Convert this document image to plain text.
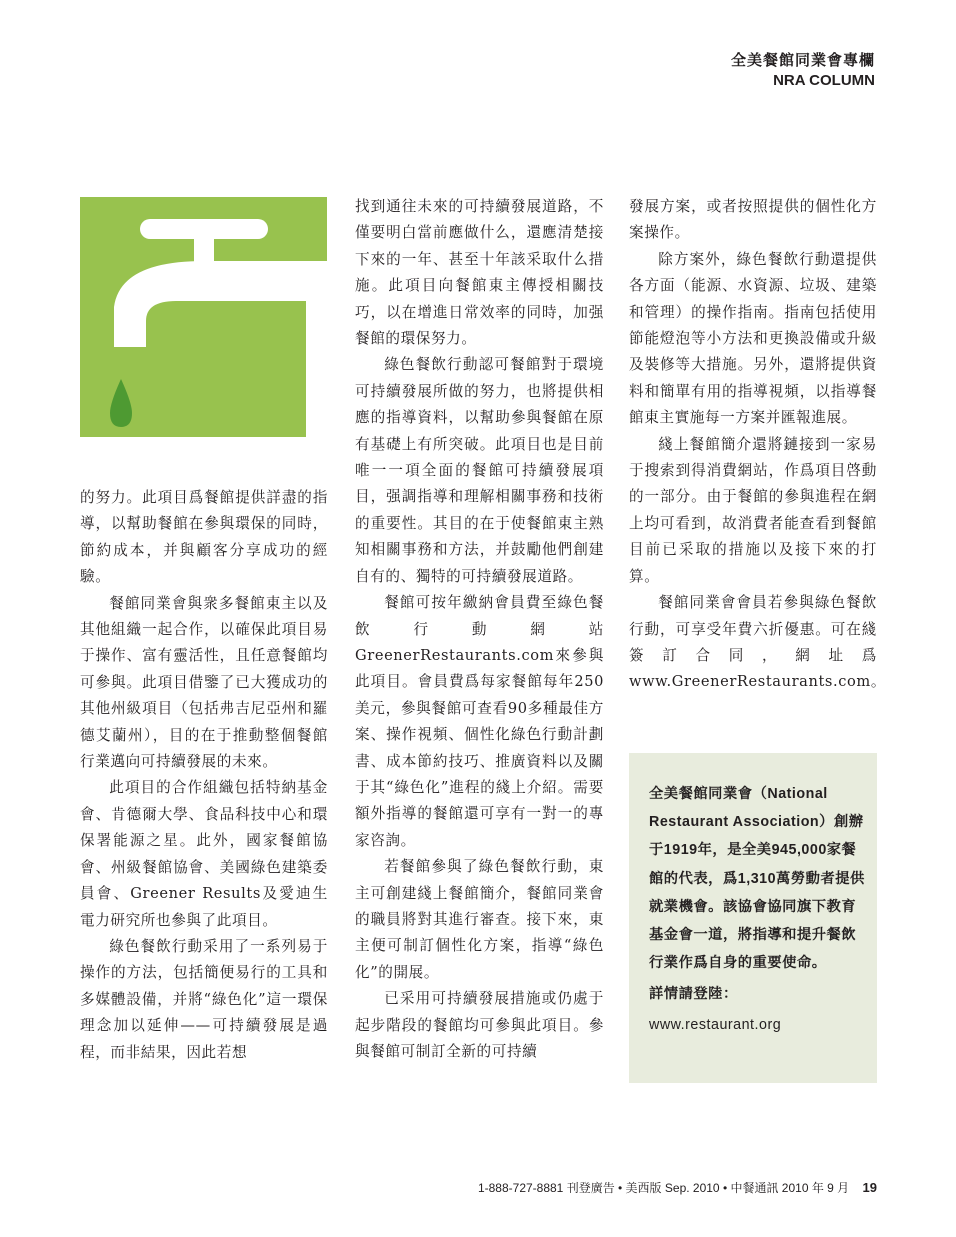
全美餐館同業會專欄
NRA COLUMN

的努力。此項目爲餐館提供詳盡的指導，以幫助餐館在參與環保的同時，節約成本，并與顧客分享成功的經驗。

餐館同業會與衆多餐館東主以及其他組織一起合作，以確保此項目易于操作、富有靈活性，且任意餐館均可參與。此項目借鑒了已大獲成功的其他州級項目（包括弗吉尼亞州和羅德艾蘭州），目的在于推動整個餐館行業邁向可持續發展的未來。

此項目的合作組織包括特納基金會、肯德爾大學、食品科技中心和環保署能源之星。此外，國家餐館協會、州級餐館協會、美國綠色建築委員會、Greener Results及愛迪生電力研究所也參與了此項目。

綠色餐飲行動采用了一系列易于操作的方法，包括簡便易行的工具和多媒體設備，并將“綠色化”這一環保理念加以延伸——可持續發展是過程，而非結果，因此若想

找到通往未來的可持續發展道路，不僅要明白當前應做什么，還應清楚接下來的一年、甚至十年該采取什么措施。此項目向餐館東主傳授相關技巧，以在增進日常效率的同時，加强餐館的環保努力。

綠色餐飲行動認可餐館對于環境可持續發展所做的努力，也將提供相應的指導資料，以幫助參與餐館在原有基礎上有所突破。此項目也是目前唯一一項全面的餐館可持續發展項目，强調指導和理解相關事務和技術的重要性。其目的在于使餐館東主熟知相關事務和方法，并鼓勵他們創建自有的、獨特的可持續發展道路。

餐館可按年繳納會員費至綠色餐飲行動網站GreenerRestaurants.com來參與此項目。會員費爲每家餐館每年250美元，參與餐館可查看90多種最佳方案、操作視頻、個性化綠色行動計劃書、成本節約技巧、推廣資料以及關于其“綠色化”進程的綫上介紹。需要額外指導的餐館還可享有一對一的專家咨詢。

若餐館參與了綠色餐飲行動，東主可創建綫上餐館簡介，餐館同業會的職員將對其進行審查。接下來，東主便可制訂個性化方案，指導“綠色化”的開展。

已采用可持續發展措施或仍處于起步階段的餐館均可參與此項目。參與餐館可制訂全新的可持續

發展方案，或者按照提供的個性化方案操作。

除方案外，綠色餐飲行動還提供各方面（能源、水資源、垃圾、建築和管理）的操作指南。指南包括使用節能燈泡等小方法和更換設備或升級及裝修等大措施。另外，還將提供資料和簡單有用的指導視頻，以指導餐館東主實施每一方案并匯報進展。

綫上餐館簡介還將鏈接到一家易于搜索到得消費網站，作爲項目啓動的一部分。由于餐館的參與進程在網上均可看到，故消費者能查看到餐館目前已采取的措施以及接下來的打算。

餐館同業會會員若參與綠色餐飲行動，可享受年費六折優惠。可在綫簽訂合同，網址爲www.GreenerRestaurants.com。

全美餐館同業會（National Restaurant Association）創辦于1919年，是全美945,000家餐館的代表，爲1,310萬勞動者提供就業機會。該協會協同旗下教育基金會一道，將指導和提升餐飲行業作爲自身的重要使命。

詳情請登陸：

www.restaurant.org

1-888-727-8881 刊登廣告 • 美西版 Sep. 2010 • 中餐通訊 2010 年 9 月 19
